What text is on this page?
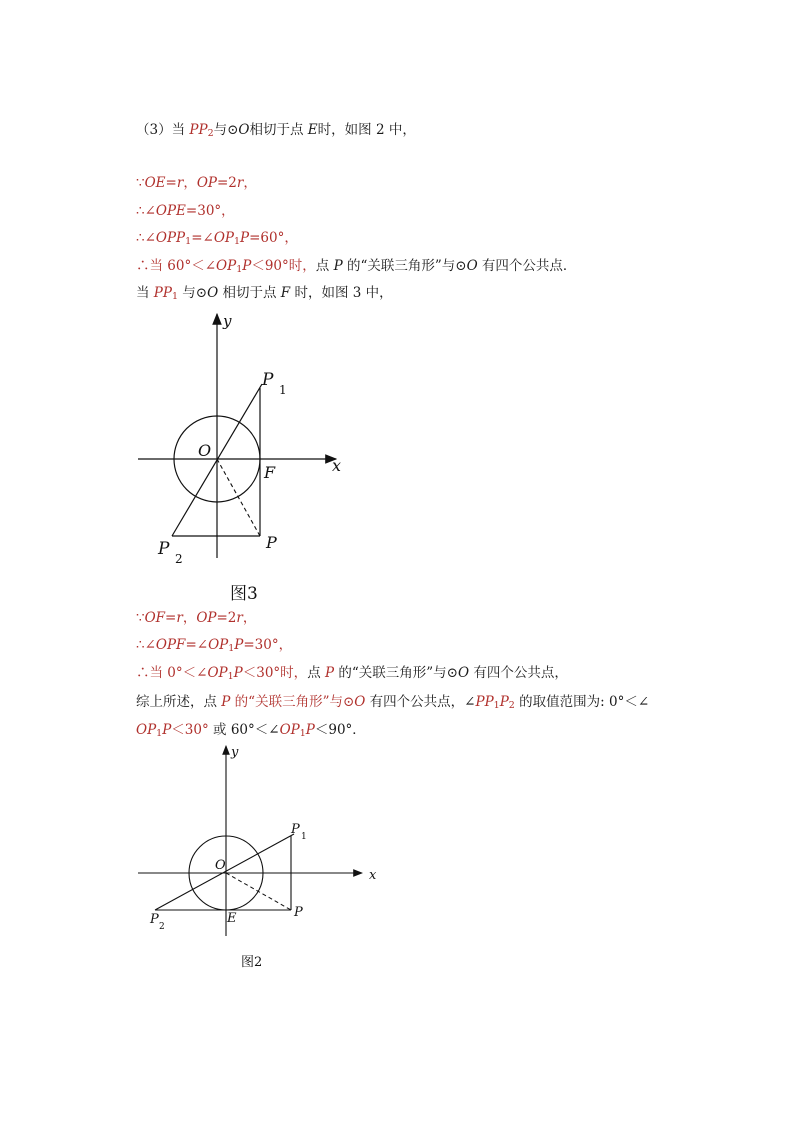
（3）当 $PP_2$与⊙O相切于点 E时，如图 2 中，
∵OE=r，OP=2r，
∴∠OPE=30°，
$\therefore\angle OPP_1=\angle OP_1P=60^\circ$，
∴当 $60^\circ<\angle OP_1P<90^\circ$时，点 P 的“关联三角形”与⊙O 有四个公共点．
当 $PP_1$ 与⊙O 相切于点 F 时，如图 3 中，
y
x
O
F
P
P 1
P 2
图3
∵OF=r，OP=2r，
$\therefore\angle OPF=\angle OP_1P=30^\circ$，
∴当 $0^\circ<\angle OP_1P<30^\circ$时，点 P 的“关联三角形”与⊙O 有四个公共点，
综上所述，点 P 的“关联三角形”与⊙O 有四个公共点，$\angle PP_1P_2$ 的取值范围为: 0°＜∠
$OP_1P<30^\circ$ 或 $60^\circ<\angle OP_1P<90^\circ$．
y
x
O
E	P
P 1
P 2
图2
